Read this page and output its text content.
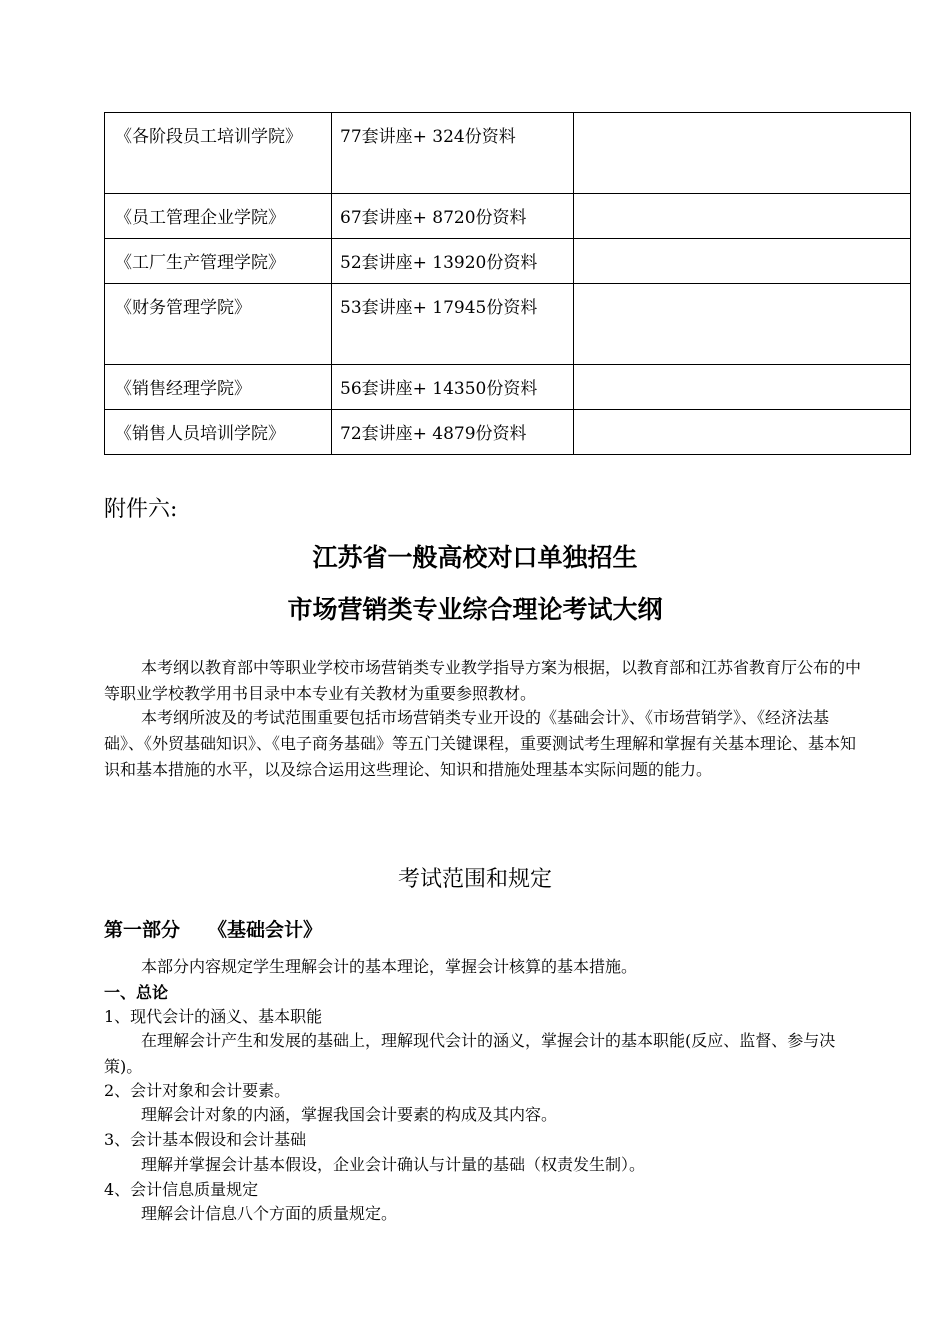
《各阶段员工培训学院》	77套讲座+ 324份资料	
《员工管理企业学院》	67套讲座+ 8720份资料	
《工厂生产管理学院》	52套讲座+ 13920份资料	
《财务管理学院》	53套讲座+ 17945份资料	
《销售经理学院》	56套讲座+ 14350份资料	
《销售人员培训学院》	72套讲座+ 4879份资料	
附件六:
江苏省一般高校对口单独招生
市场营销类专业综合理论考试大纲

本考纲以教育部中等职业学校市场营销类专业教学指导方案为根据，以教育部和江苏省教育厅公布的中等职业学校教学用书目录中本专业有关教材为重要参照教材。

本考纲所波及的考试范围重要包括市场营销类专业开设的《基础会计》、《市场营销学》、《经济法基础》、《外贸基础知识》、《电子商务基础》等五门关键课程，重要测试考生理解和掌握有关基本理论、基本知识和基本措施的水平，以及综合运用这些理论、知识和措施处理基本实际问题的能力。

考试范围和规定
第一部分 《基础会计》

本部分内容规定学生理解会计的基本理论，掌握会计核算的基本措施。

一、总论

1、现代会计的涵义、基本职能

在理解会计产生和发展的基础上，理解现代会计的涵义，掌握会计的基本职能(反应、监督、参与决策)。

2、会计对象和会计要素。

理解会计对象的内涵，掌握我国会计要素的构成及其内容。

3、会计基本假设和会计基础

理解并掌握会计基本假设，企业会计确认与计量的基础（权责发生制）。

4、会计信息质量规定

理解会计信息八个方面的质量规定。
